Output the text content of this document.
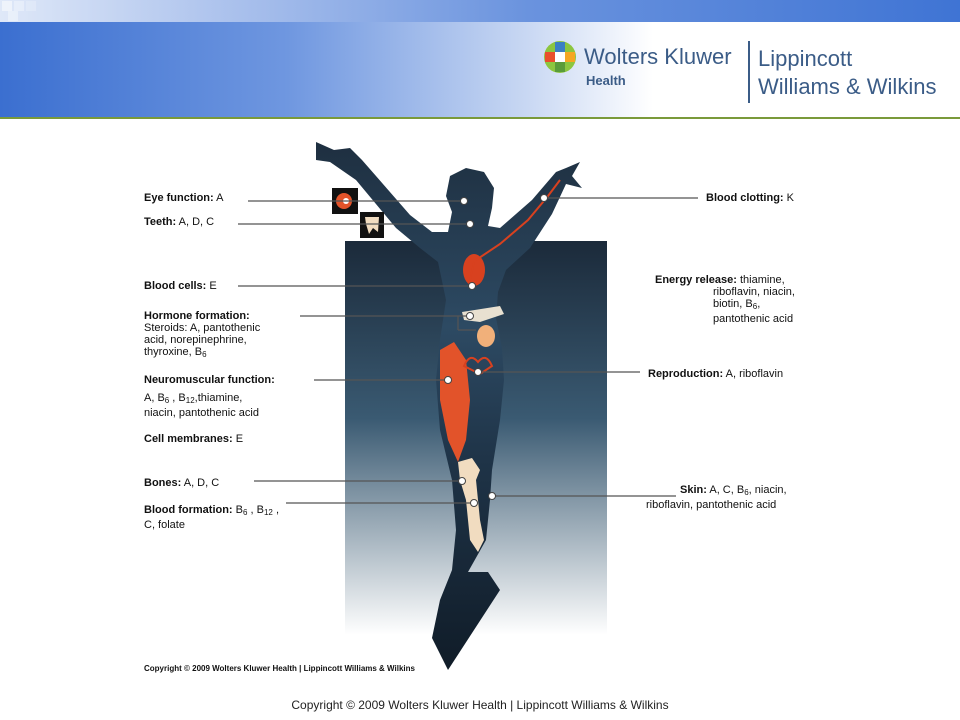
Wolters Kluwer
Health
Lippincott
Williams & Wilkins
Eye function: A
Teeth: A, D, C
Blood cells: E
Hormone formation:
Steroids: A, pantothenic
acid, norepinephrine,
thyroxine, $B_6$
Neuromuscular function:
A, $B_6$ , $B_{12},thiamine$,
niacin, pantothenic acid
Cell membranes: E
Bones: A, D, C
Blood formation: $B_6$ , $B_{12}$ ,
C, folate
Blood clotting: K
Energy release: thiamine,
riboflavin, niacin,
biotin, $B_6$,
pantothenic acid
Reproduction: A, riboflavin
Skin: A, C, $B_6$, niacin,
riboflavin, pantothenic acid
Copyright © 2009 Wolters Kluwer Health | Lippincott Williams & Wilkins
Copyright © 2009 Wolters Kluwer Health | Lippincott Williams & Wilkins
